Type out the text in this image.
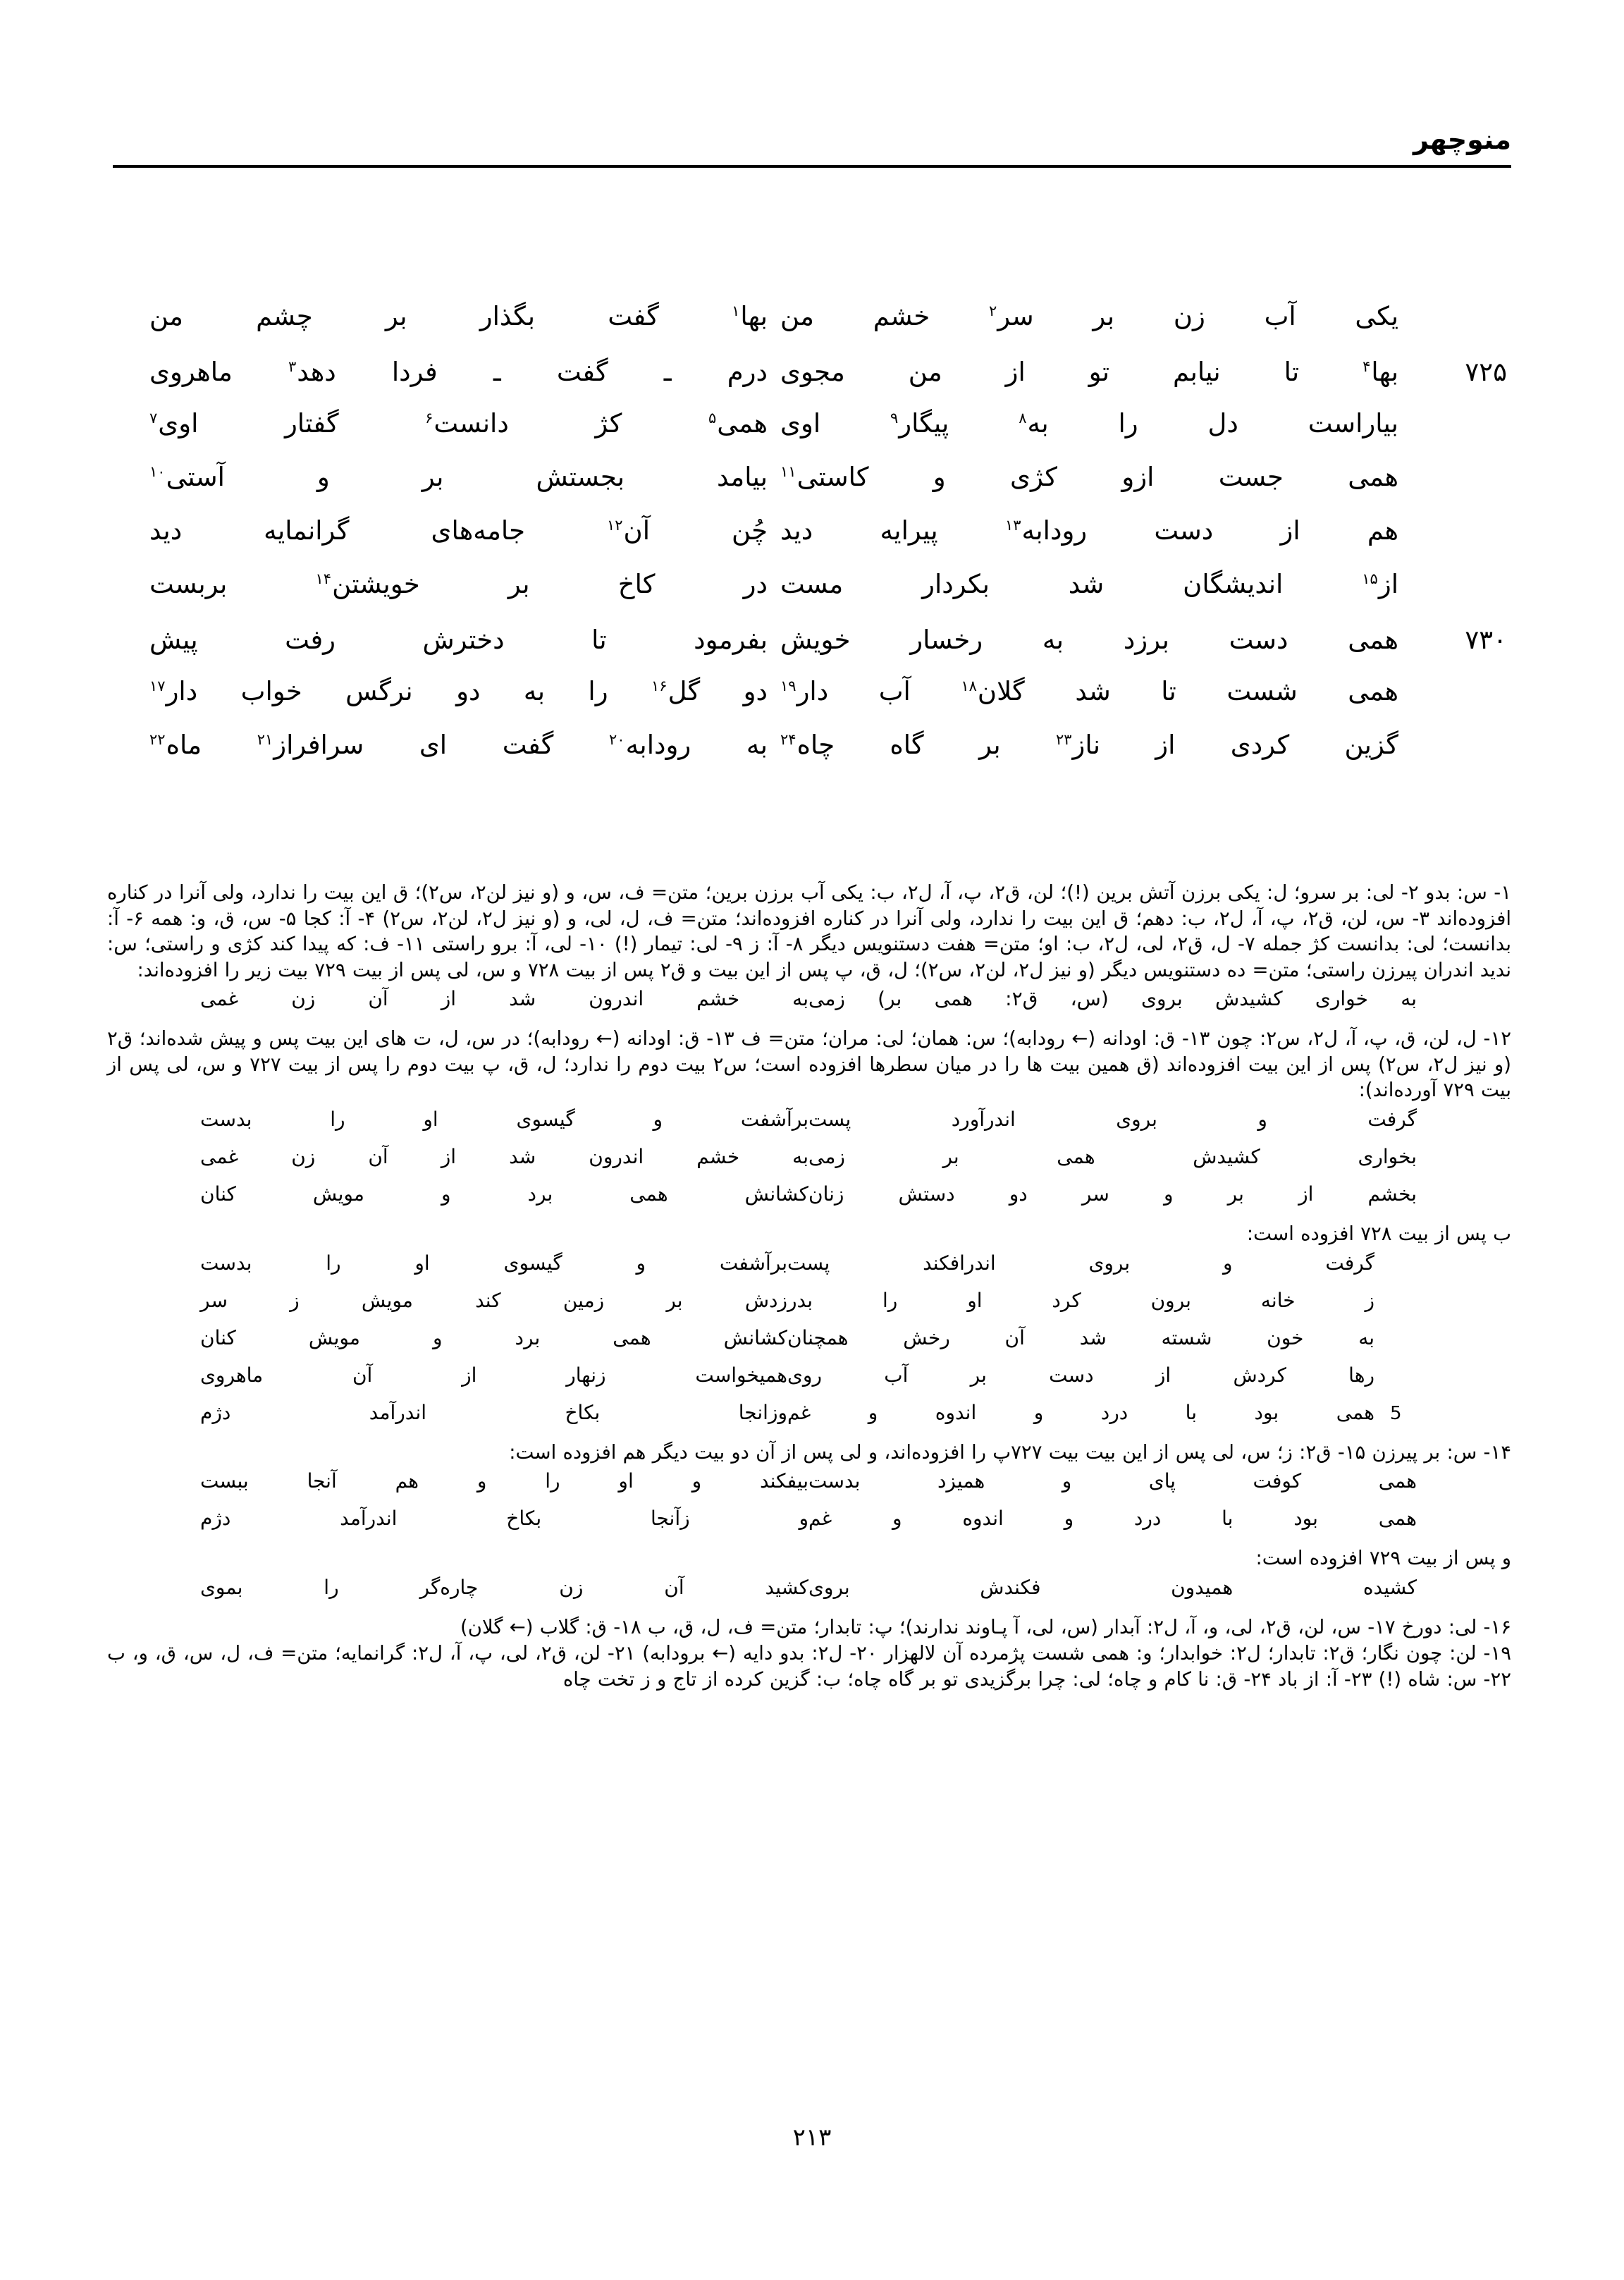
منوچهر
یکی آب زن بر سر$^۲$ خشم من
بها$^۱$ گفت بگذار بر چشم من
۷۲۵
بها$^۴$ تا نیابم تو از من مجوی
درم ـ گفت ـ فردا دهد$^۳$ ماهروی
بیاراست دل را به$^۸$ پیگار$^۹$ اوی
همی$^۵$ کژ دانست$^۶$ گفتار اوی$^۷$
همی جست ازو کژی و کاستی$^{۱۱}$
بیامد بجستش بر و آستی$^{۱۰}$
هم از دست رودابه$^{۱۳}$ پیرایه دید
چُن آن$^{۱۲}$ جامه‌های گرانمایه دید
از$^{۱۵}$ اندیشگان شد بکردار مست
در کاخ بر خویشتن$^{۱۴}$ بربست
۷۳۰
همی دست برزد به رخسار خویش
بفرمود تا دخترش رفت پیش
همی شست تا شد گلان$^{۱۸}$ آب دار$^{۱۹}$
دو گل$^{۱۶}$ را به دو نرگس خواب دار$^{۱۷}$
گزین کردی از ناز$^{۲۳}$ بر گاه چاه$^{۲۴}$
به رودابه$^{۲۰}$ گفت ای سرافراز$^{۲۱}$ ماه$^{۲۲}$

۱- س: بدو ۲- لی: بر سرو؛ ل: یکی برزن آتش برین (!)؛ لن، ق۲، پ، آ، ل۲، ب: یکی آب برزن برین؛ متن= ف، س، و (و نیز لن۲، س۲)؛ ق این بیت را ندارد، ولی آنرا در کناره افزوده‌اند ۳- س، لن، ق۲، پ، آ، ل۲، ب: دهم؛ ق این بیت را ندارد، ولی آنرا در کناره افزوده‌اند؛ متن= ف، ل، لی، و (و نیز ل۲، لن۲، س۲) ۴- آ: کجا ۵- س، ق، و: همه ۶- آ: بدانست؛ لی: بدانست کژ جمله ۷- ل، ق۲، لی، ل۲، ب: او؛ متن= هفت دستنویس دیگر ۸- آ: ز ۹- لی: تیمار (!) ۱۰- لی، آ: برو راستی ۱۱- ف: که پیدا کند کژی و راستی؛ س: ندید اندران پیرزن راستی؛ متن= ده دستنویس دیگر (و نیز ل۲، لن۲، س۲)؛ ل، ق، پ پس از این بیت و ق۲ پس از بیت ۷۲۸ و س، لی پس از بیت ۷۲۹ بیت زیر را افزوده‌اند:

به خواری کشیدش بروی (س، ق۲: همی بر) زمی
به خشم اندرون شد از آن زن غمی

۱۲- ل، لن، ق، پ، آ، ل۲، س۲: چون ۱۳- ق: اودانه (← رودابه)؛ س: همان؛ لی: مران؛ متن= ف ۱۳- ق: اودانه (← رودابه)؛ در س، ل، ت های این بیت پس و پیش شده‌اند؛ ق۲ (و نیز ل۲، س۲) پس از این بیت افزوده‌اند (ق همین بیت ها را در میان سطرها افزوده است؛ س۲ بیت دوم را ندارد؛ ل، ق، پ بیت دوم را پس از بیت ۷۲۷ و س، لی پس از بیت ۷۲۹ آورده‌اند):

گرفت و بروی اندرآورد پست
برآشفت و گیسوی او را بدست
بخواری کشیدش همی بر زمی
به خشم اندرون شد از آن زن غمی
بخشم از بر و سر دو دستش زنان
کشانش همی برد و مویش کنان

ب پس از بیت ۷۲۸ افزوده است:

گرفت و بروی اندرافکند پست
برآشفت و گیسوی او را بدست
ز خانه برون کرد او را بدر
زدش بر زمین کند مویش ز سر
به خون شسته شد آن رخش همچنان
کشانش همی برد و مویش کنان
رها کردش از دست بر آب روی
همیخواست زنهار از آن ماهروی
5
همی بود با درد و اندوه و غم
وزانجا بکاخ اندرآمد دژم

۱۴- س: بر پیرزن ۱۵- ق۲: ز؛ س، لی پس از این بیت بیت ۷۲۷پ را افزوده‌اند، و لی پس از آن دو بیت دیگر هم افزوده است:

همی کوفت پای و همیزد بدست
بیفکند و او را و هم آنجا ببست
همی بود با درد و اندوه و غم
و زآنجا بکاخ اندرآمد دژم

و پس از بیت ۷۲۹ افزوده است:

کشیده همیدون فکندش بروی
کشید آن زن چاره‌گر را بموی

۱۶- لی: دورخ ۱۷- س، لن، ق۲، لی، و، آ، ل۲: آبدار (س، لی، آ پـاوند ندارند)؛ پ: تابدار؛ متن= ف، ل، ق، ب ۱۸- ق: گلاب (← گلان)

۱۹- لن: چون نگار؛ ق۲: تابدار؛ ل۲: خوابدار؛ و: همی شست پژمرده آن لالهزار ۲۰- ل۲: بدو دایه (← برودابه) ۲۱- لن، ق۲، لی، پ، آ، ل۲: گرانمایه؛ متن= ف، ل، س، ق، و، ب ۲۲- س: شاه (!) ۲۳- آ: از باد ۲۴- ق: نا کام و چاه؛ لی: چرا برگزیدی تو بر گاه چاه؛ ب: گزین کرده از تاج و ز تخت چاه

۲۱۳
